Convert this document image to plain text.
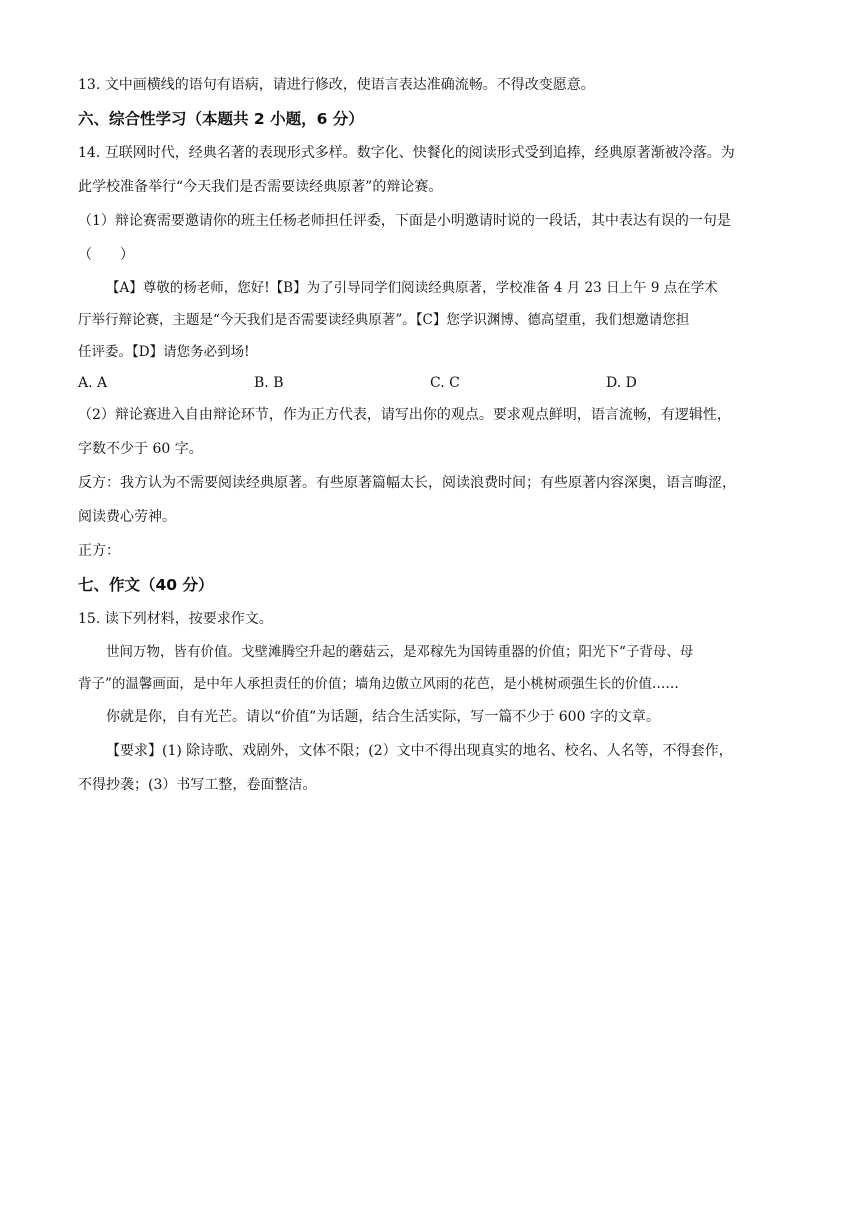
13. 文中画横线的语句有语病，请进行修改，使语言表达准确流畅。不得改变愿意。
六、综合性学习（本题共 2 小题，6 分）
14. 互联网时代，经典名著的表现形式多样。数字化、快餐化的阅读形式受到追捧，经典原著渐被冷落。为
此学校准备举行“今天我们是否需要读经典原著”的辩论赛。
（1）辩论赛需要邀请你的班主任杨老师担任评委，下面是小明邀请时说的一段话，其中表达有误的一句是
（　　）
【A】尊敬的杨老师，您好!【B】为了引导同学们阅读经典原著，学校准备 4 月 23 日上午 9 点在学术
厅举行辩论赛，主题是“今天我们是否需要读经典原著”。【C】您学识渊博、德高望重，我们想邀请您担
任评委。【D】请您务必到场!
A. A	B. B	C. C	D. D
（2）辩论赛进入自由辩论环节，作为正方代表，请写出你的观点。要求观点鲜明，语言流畅，有逻辑性，
字数不少于 60 字。
反方：我方认为不需要阅读经典原著。有些原著篇幅太长，阅读浪费时间；有些原著内容深奥，语言晦涩，
阅读费心劳神。
正方：
七、作文（40 分）
15. 读下列材料，按要求作文。
世间万物，皆有价值。戈壁滩腾空升起的蘑菇云，是邓稼先为国铸重器的价值；阳光下“子背母、母
背子”的温馨画面，是中年人承担责任的价值；墙角边傲立风雨的花芭，是小桃树顽强生长的价值……
你就是你，自有光芒。请以“价值”为话题，结合生活实际，写一篇不少于 600 字的文章。
【要求】(1) 除诗歌、戏剧外，文体不限；(2）文中不得出现真实的地名、校名、人名等，不得套作，
不得抄袭；(3）书写工整，卷面整洁。
